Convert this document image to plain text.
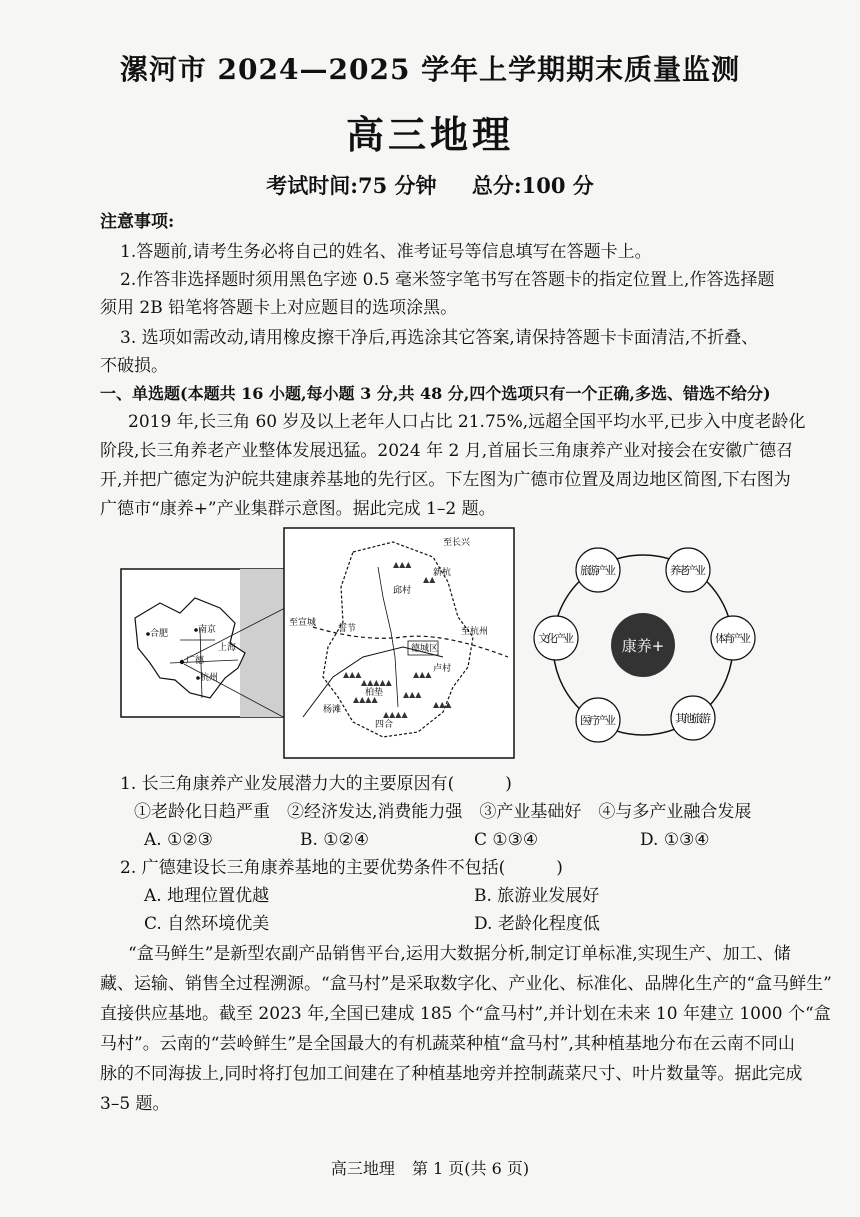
漯河市 2024—2025 学年上学期期末质量监测
高三地理
考试时间:75 分钟 总分:100 分
注意事项:
1.答题前,请考生务必将自己的姓名、准考证号等信息填写在答题卡上。
2.作答非选择题时须用黑色字迹 0.5 毫米签字笔书写在答题卡的指定位置上,作答选择题
须用 2B 铅笔将答题卡上对应题目的选项涂黑。
3. 选项如需改动,请用橡皮擦干净后,再选涂其它答案,请保持答题卡卡面清洁,不折叠、
不破损。
一、单选题(本题共 16 小题,每小题 3 分,共 48 分,四个选项只有一个正确,多选、错选不给分)
2019 年,长三角 60 岁及以上老年人口占比 21.75%,远超全国平均水平,已步入中度老龄化
阶段,长三角养老产业整体发展迅猛。2024 年 2 月,首届长三角康养产业对接会在安徽广德召
开,并把广德定为沪皖共建康养基地的先行区。下左图为广德市位置及周边地区简图,下右图为
广德市“康养+”产业集群示意图。据此完成 1–2 题。
南京
合肥
上海
广德
杭州
▲▲▲▲
▲▲▲▲▲
▲▲▲
▲▲▲▲
▲▲▲
▲▲▲
▲▲▲
▲▲
▲▲▲
至长兴
新杭
邱村
至宣城
誓节	至杭州
德城区
卢村
柏垫
杨滩
四合
康养+
旅游产业	养老产业
体育产业
其他旅游
医疗产业
文化产业
1. 长三角康养产业发展潜力大的主要原因有(　　　)
①老龄化日趋严重　②经济发达,消费能力强　③产业基础好　④与多产业融合发展
A. ①②③	B. ①②④	C ①③④	D. ①③④
2. 广德建设长三角康养基地的主要优势条件不包括(　　　)
A. 地理位置优越	B. 旅游业发展好
C. 自然环境优美	D. 老龄化程度低
“盒马鲜生”是新型农副产品销售平台,运用大数据分析,制定订单标准,实现生产、加工、储
藏、运输、销售全过程溯源。“盒马村”是采取数字化、产业化、标准化、品牌化生产的“盒马鲜生”
直接供应基地。截至 2023 年,全国已建成 185 个“盒马村”,并计划在未来 10 年建立 1000 个“盒
马村”。云南的“芸岭鲜生”是全国最大的有机蔬菜种植“盒马村”,其种植基地分布在云南不同山
脉的不同海拔上,同时将打包加工间建在了种植基地旁并控制蔬菜尺寸、叶片数量等。据此完成
3–5 题。
高三地理 第 1 页(共 6 页)
